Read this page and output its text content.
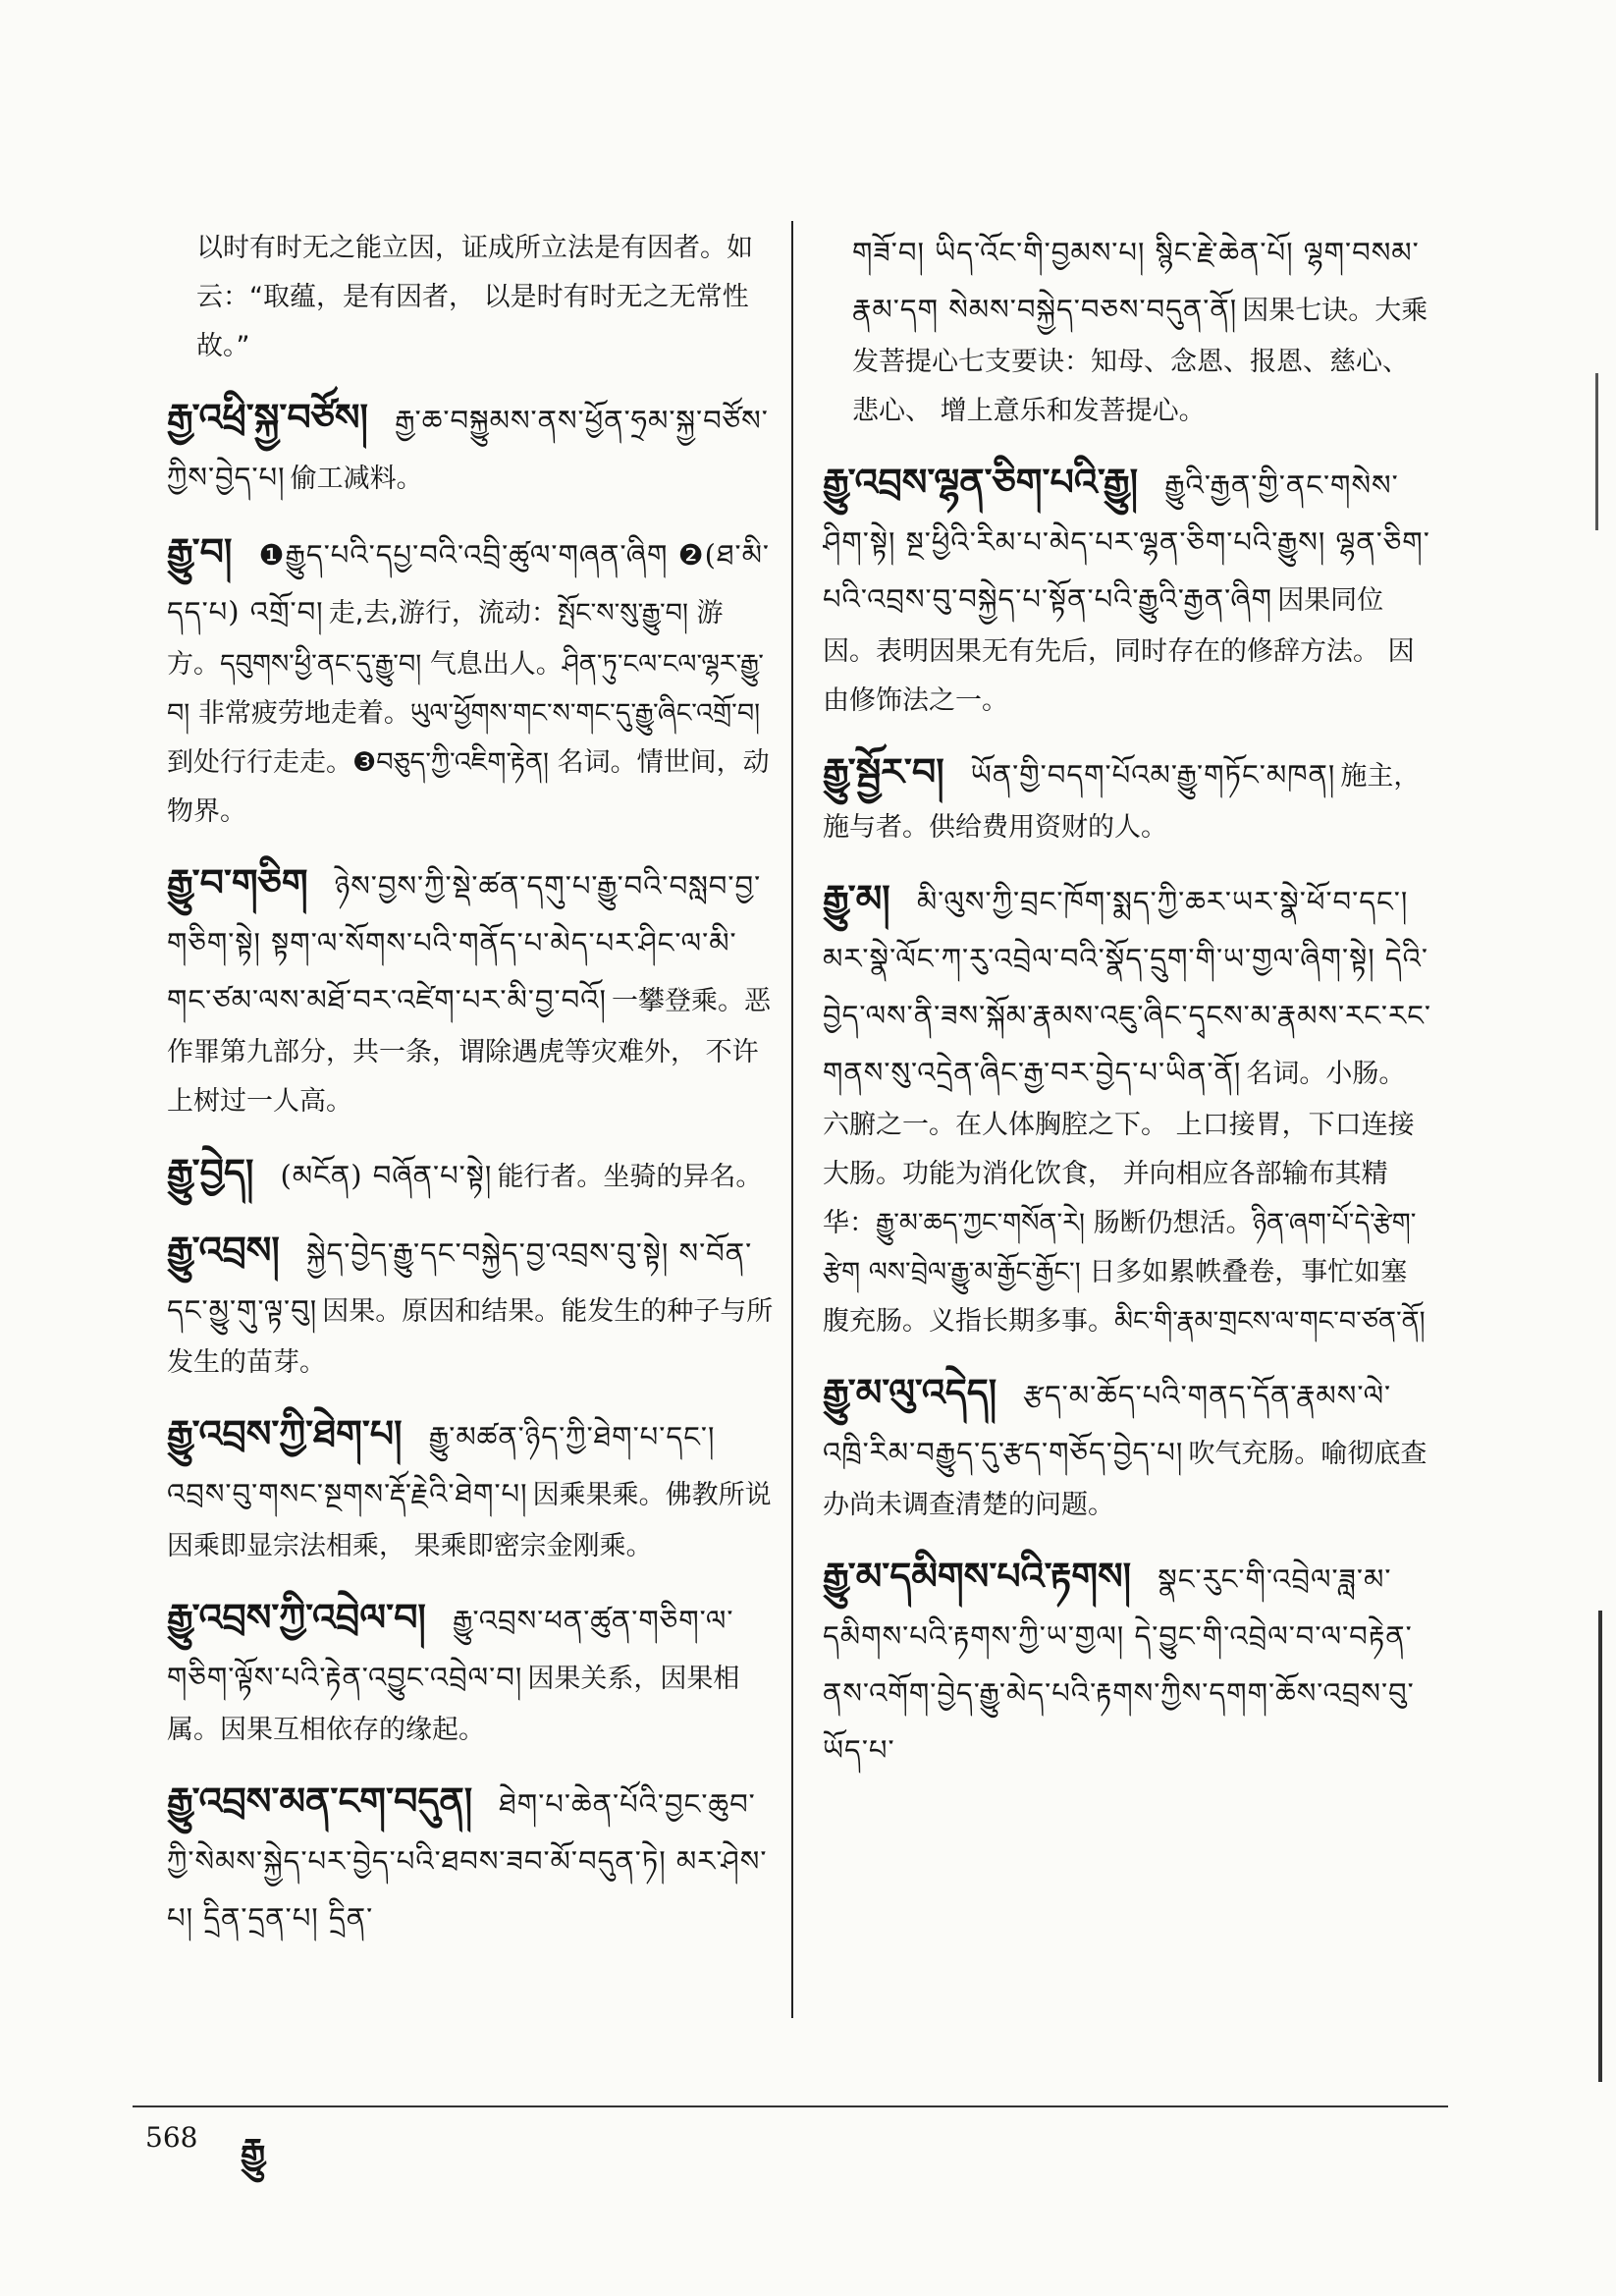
以时有时无之能立因，证成所立法是有因者。如云：“取蕴，是有因者， 以是时有时无之无常性故。”
རྒྱ་འཕྲི་སྐྱ་བཙོས། རྒྱ་ཆ་བསྐྱུམས་ནས་ཕྱོན་ཧྲམ་སྐྱ་བཙོས་ཀྱིས་བྱེད་པ། 偷工减料。
རྒྱུ་བ། ❶རྒྱུད་པའི་དཔྱ་བའི་འབྲི་ཚུལ་གཞན་ཞིག ❷(ཐ་མི་དད་པ) འགྲོ་བ། 走,去,游行，流动：སྤོང་ས་སུ་རྒྱུ་བ། 游方。དབུགས་ཕྱི་ནང་དུ་རྒྱུ་བ། 气息出人。ཤིན་ཏུ་ངལ་ངལ་ལྷར་རྒྱུ་བ། 非常疲劳地走着。ཡུལ་ཕྱོགས་གང་ས་གང་དུ་རྒྱུ་ཞིང་འགྲོ་བ། 到处行行走走。❸བཅུད་ཀྱི་འཇིག་རྟེན། 名词。情世间，动物界。
རྒྱུ་བ་གཅིག ཉེས་བྱས་ཀྱི་སྡེ་ཚན་དགུ་པ་རྒྱུ་བའི་བསླབ་བྱ་གཅིག་སྟེ། སྟག་ལ་སོགས་པའི་གནོད་པ་མེད་པར་ཤིང་ལ་མི་གང་ཙམ་ལས་མཐོ་བར་འཛེག་པར་མི་བྱ་བའོ། 一攀登乘。恶作罪第九部分，共一条，谓除遇虎等灾难外， 不许上树过一人高。
རྒྱུ་བྱེད། (མངོན) བཞོན་པ་སྟེ། 能行者。坐骑的异名。
རྒྱུ་འབྲས། སྐྱེད་བྱེད་རྒྱུ་དང་བསྐྱེད་བྱ་འབྲས་བུ་སྟེ། ས་བོན་དང་མྱུ་གུ་ལྟ་བུ། 因果。原因和结果。能发生的种子与所发生的苗芽。
རྒྱུ་འབྲས་ཀྱི་ཐེག་པ། རྒྱུ་མཚན་ཉིད་ཀྱི་ཐེག་པ་དང་། འབྲས་བུ་གསང་སྔགས་རྡོ་རྗེའི་ཐེག་པ། 因乘果乘。佛教所说因乘即显宗法相乘， 果乘即密宗金刚乘。
རྒྱུ་འབྲས་ཀྱི་འབྲེལ་བ། རྒྱུ་འབྲས་ཕན་ཚུན་གཅིག་ལ་གཅིག་ལྟོས་པའི་རྟེན་འབྱུང་འབྲེལ་བ། 因果关系，因果相属。因果互相依存的缘起。
རྒྱུ་འབྲས་མན་ངག་བདུན། ཐེག་པ་ཆེན་པོའི་བྱང་ཆུབ་ཀྱི་སེམས་སྐྱེད་པར་བྱེད་པའི་ཐབས་ཟབ་མོ་བདུན་ཏེ། མར་ཤེས་པ། དྲིན་དྲན་པ། དྲིན་
གཟོ་བ། ཡིད་འོང་གི་བྱམས་པ། སྙིང་རྗེ་ཆེན་པོ། ལྷག་བསམ་རྣམ་དག སེམས་བསྐྱེད་བཅས་བདུན་ནོ། 因果七诀。大乘发菩提心七支要诀：知母、念恩、报恩、慈心、悲心、 增上意乐和发菩提心。
རྒྱུ་འབྲས་ལྷན་ཅིག་པའི་རྒྱུ། རྒྱུའི་རྒྱན་གྱི་ནང་གསེས་ཤིག་སྟེ། སྔ་ཕྱིའི་རིམ་པ་མེད་པར་ལྷན་ཅིག་པའི་རྒྱུས། ལྷན་ཅིག་པའི་འབྲས་བུ་བསྐྱེད་པ་སྟོན་པའི་རྒྱུའི་རྒྱན་ཞིག 因果同位因。表明因果无有先后，同时存在的修辞方法。 因由修饰法之一。
རྒྱུ་སྦྱོར་བ། ཡོན་གྱི་བདག་པོའམ་རྒྱུ་གཏོང་མཁན། 施主，施与者。供给费用资财的人。
རྒྱུ་མ། མི་ལུས་ཀྱི་བྲང་ཁོག་སྨད་ཀྱི་ཆར་ཡར་སྣེ་ཕོ་བ་དང་། མར་སྣེ་ལོང་ཀ་རུ་འབྲེལ་བའི་སྣོད་དྲུག་གི་ཡ་གྱལ་ཞིག་སྟེ། དེའི་བྱེད་ལས་ནི་ཟས་སྐོམ་རྣམས་འཇུ་ཞིང་དྭངས་མ་རྣམས་རང་རང་གནས་སུ་འདྲེན་ཞིང་རྒྱ་བར་བྱེད་པ་ཡིན་ནོ། 名词。小肠。六腑之一。在人体胸腔之下。 上口接胃，下口连接大肠。功能为消化饮食， 并向相应各部输布其精华：རྒྱུ་མ་ཆད་ཀྱང་གསོན་རེ། 肠断仍想活。ཉིན་ཞག་པོ་དེ་རྩེག་རྩེག ལས་བྲེལ་རྒྱུ་མ་རྒྱོང་རྒྱོང་། 日多如累帙叠卷，事忙如塞腹充肠。义指长期多事。མིང་གི་རྣམ་གྲངས་ལ་གང་བ་ཙན་ནོ།
རྒྱུ་མ་ལུ་འདེད། རྩད་མ་ཆོད་པའི་གནད་དོན་རྣམས་ལེ་འཁྲི་རིམ་བརྒྱུད་དུ་རྩད་གཅོད་བྱེད་པ། 吹气充肠。喻彻底查办尚未调查清楚的问题。
རྒྱུ་མ་དམིགས་པའི་རྟགས། སྣང་རུང་གི་འབྲེལ་ཟླ་མ་དམིགས་པའི་རྟགས་ཀྱི་ཡ་གྱལ། དེ་བྱུང་གི་འབྲེལ་བ་ལ་བརྟེན་ནས་འགོག་བྱེད་རྒྱུ་མེད་པའི་རྟགས་ཀྱིས་དགག་ཆོས་འབྲས་བུ་ཡོད་པ་
568 རྒྱུ
